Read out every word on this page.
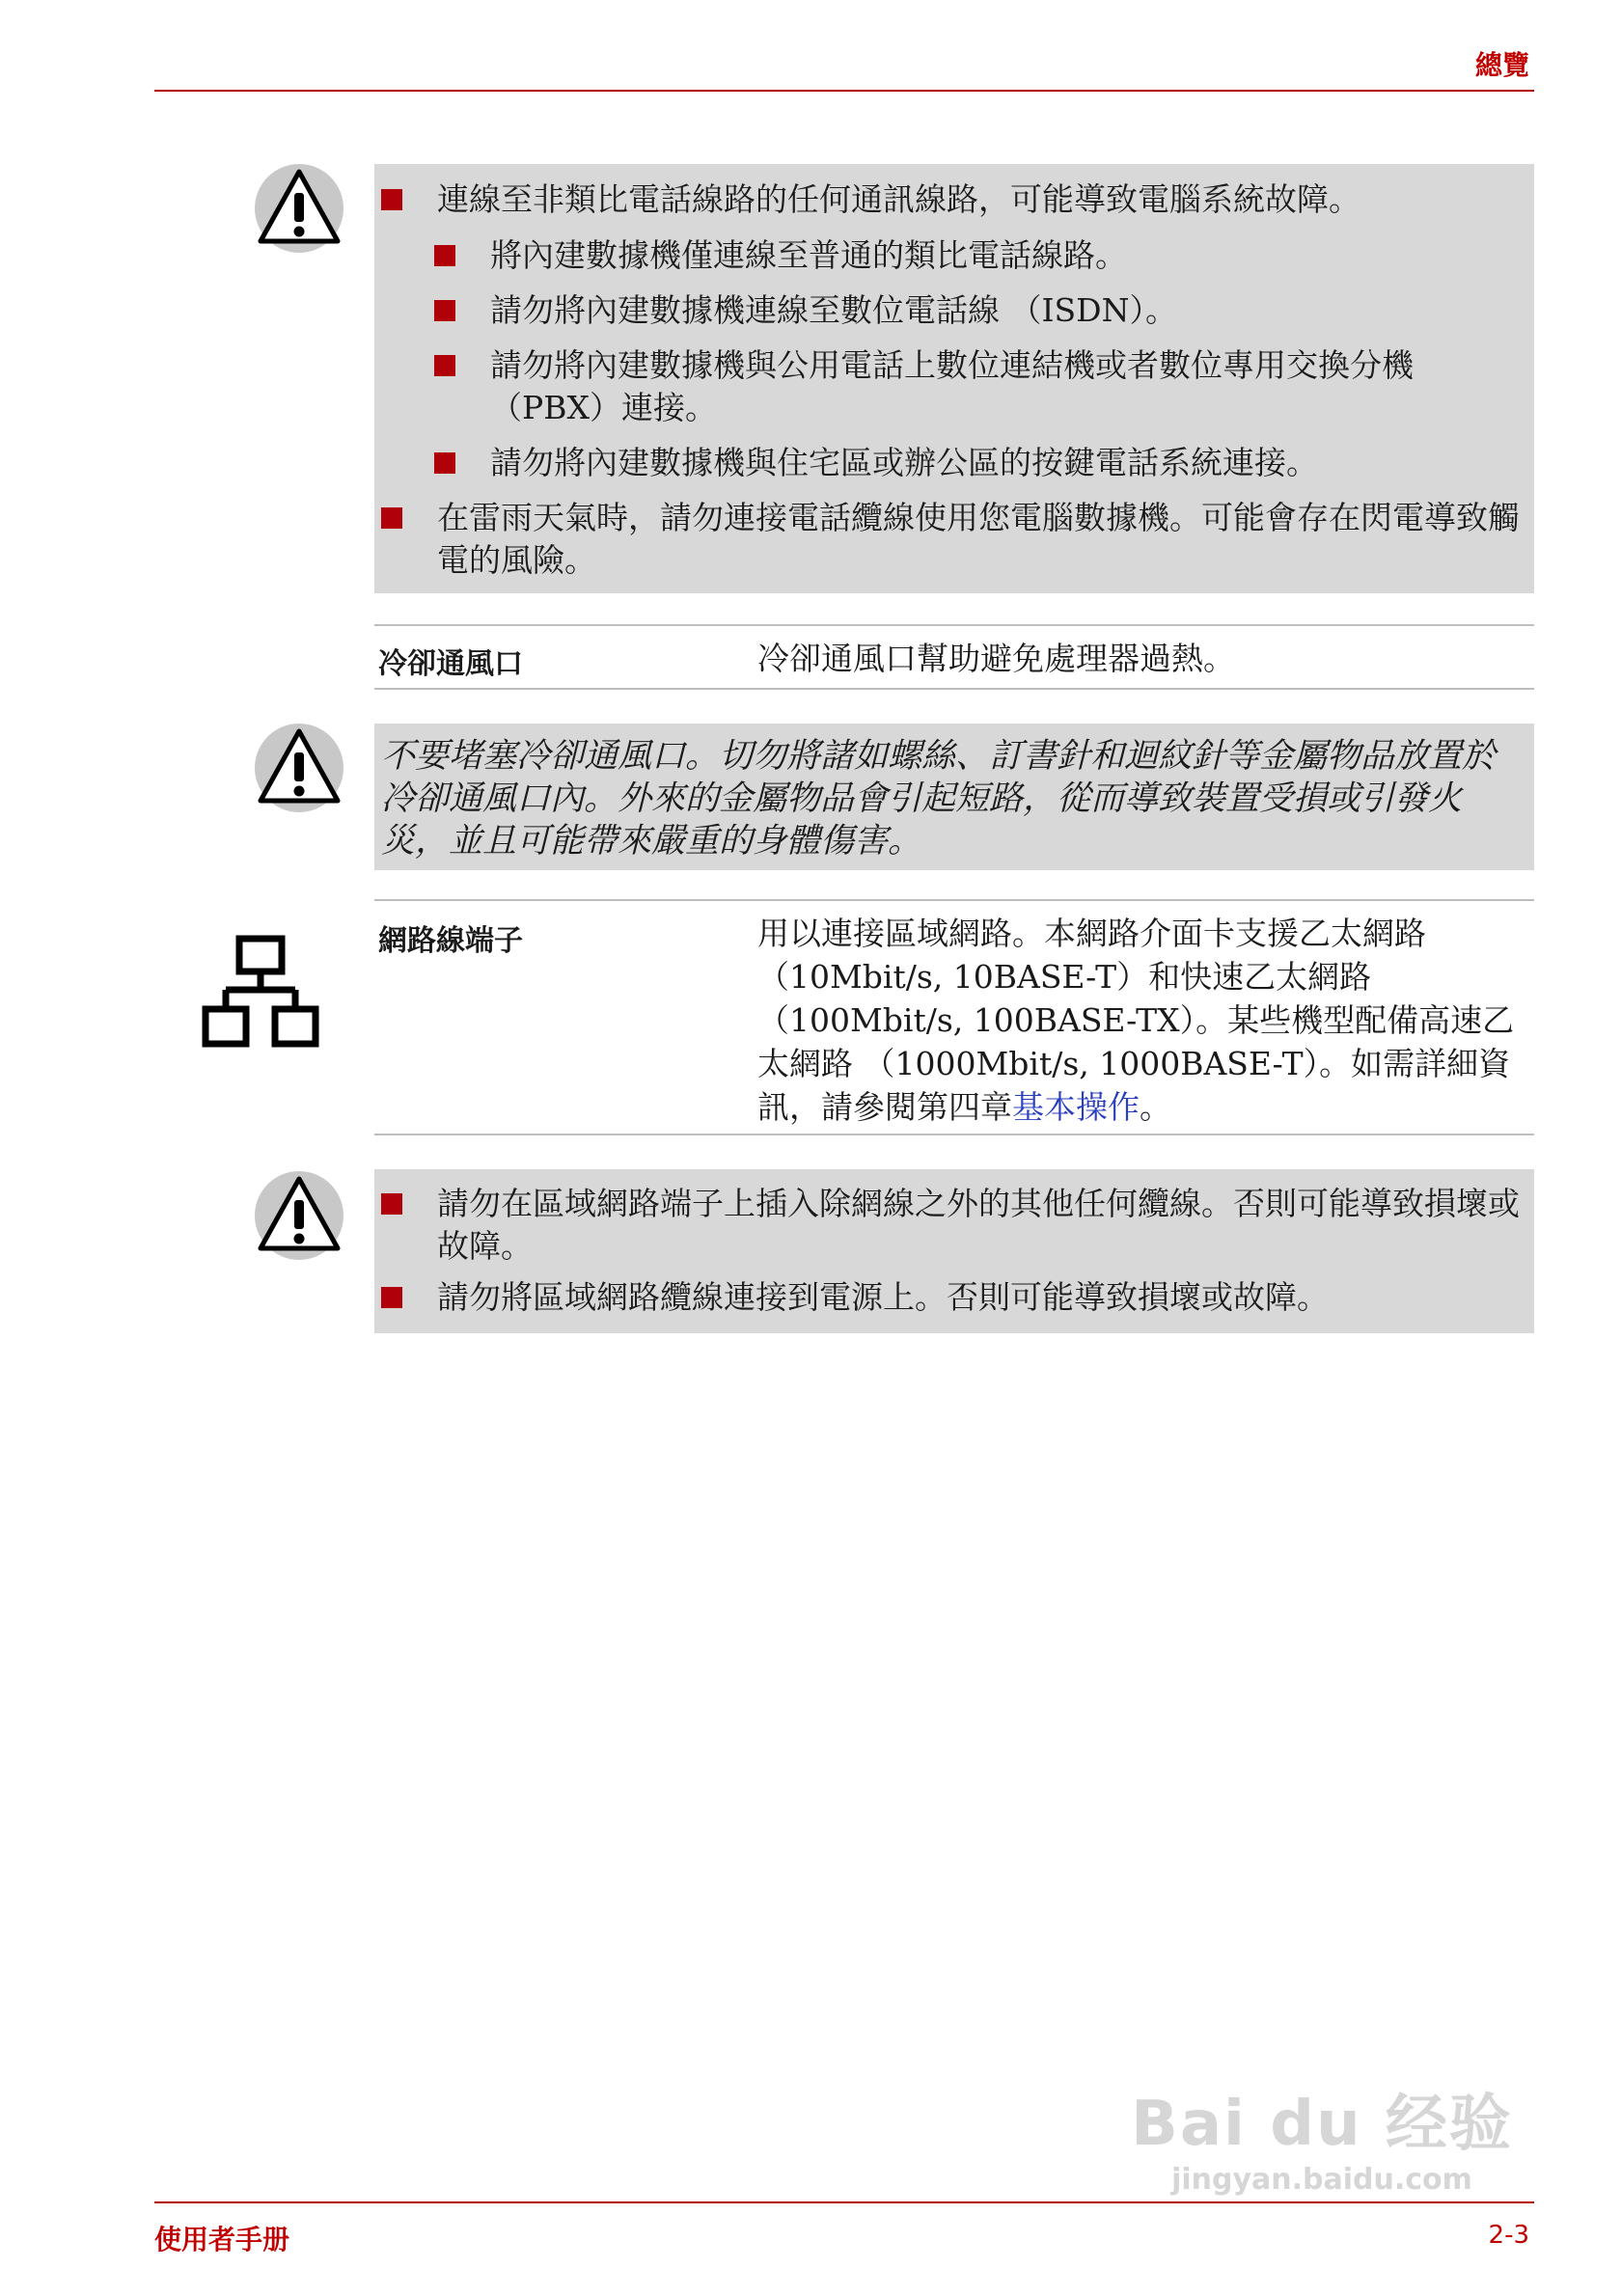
總覽
連線至非類比電話線路的任何通訊線路，可能導致電腦系統故障。
將內建數據機僅連線至普通的類比電話線路。
請勿將內建數據機連線至數位電話線 （ISDN）。
請勿將內建數據機與公用電話上數位連結機或者數位專用交換分機（PBX）連接。
請勿將內建數據機與住宅區或辦公區的按鍵電話系統連接。
在雷雨天氣時，請勿連接電話纜線使用您電腦數據機。可能會存在閃電導致觸電的風險。
冷卻通風口	冷卻通風口幫助避免處理器過熱。
不要堵塞冷卻通風口。切勿將諸如螺絲、訂書針和迴紋針等金屬物品放置於冷卻通風口內。外來的金屬物品會引起短路，從而導致裝置受損或引發火災，並且可能帶來嚴重的身體傷害。
網路線端子	用以連接區域網路。本網路介面卡支援乙太網路（10Mbit/s, 10BASE-T）和快速乙太網路（100Mbit/s, 100BASE-TX）。某些機型配備高速乙太網路 （1000Mbit/s, 1000BASE-T）。如需詳細資訊，請參閱第四章基本操作。
請勿在區域網路端子上插入除網線之外的其他任何纜線。否則可能導致損壞或故障。
請勿將區域網路纜線連接到電源上。否則可能導致損壞或故障。
Bai du 经验
jingyan.baidu.com
使用者手册	2-3
